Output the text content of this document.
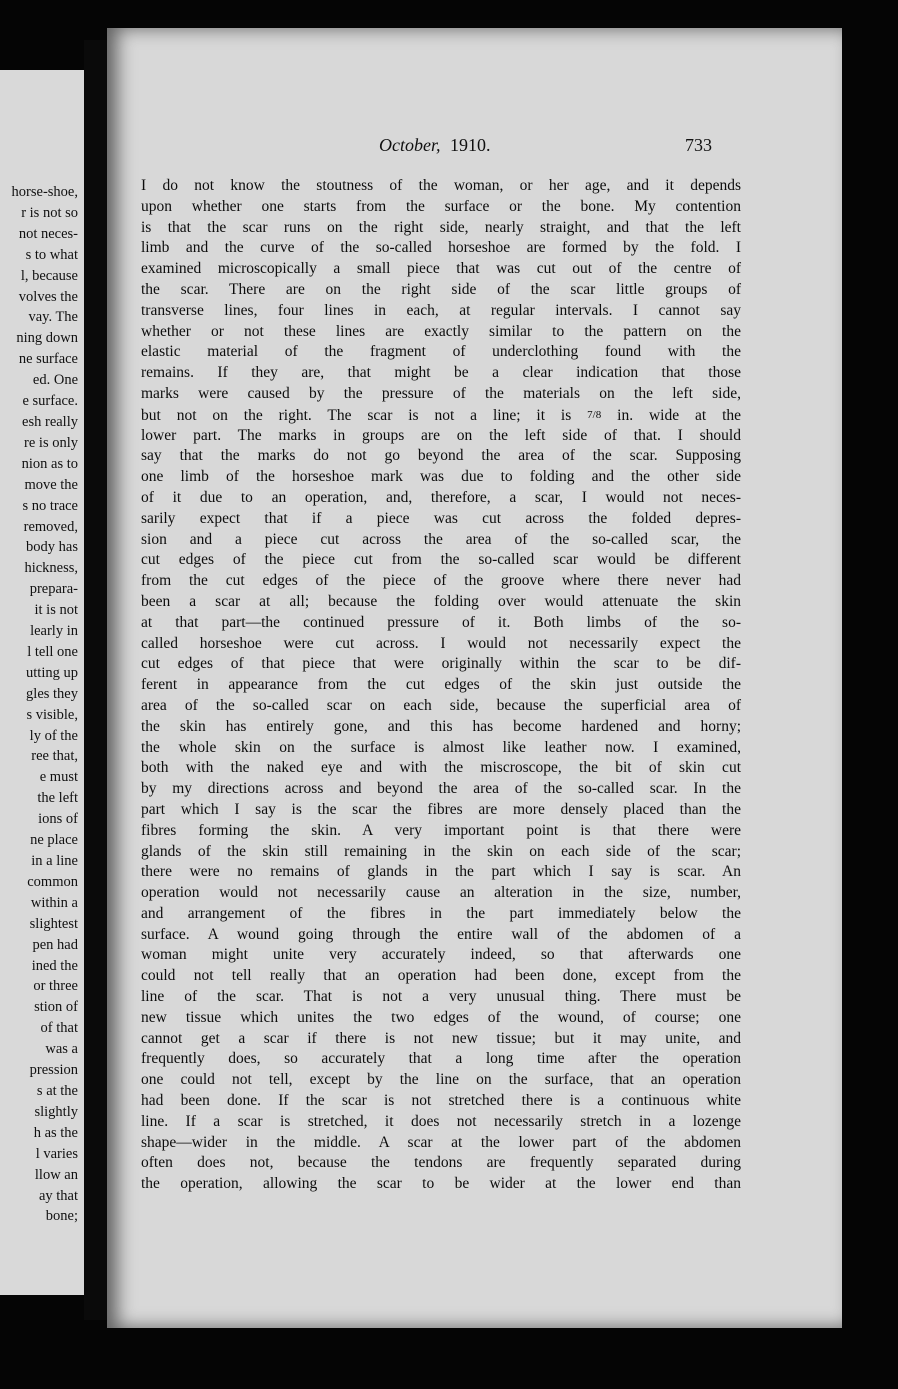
horse-shoe,
r is not so
not neces-
s to what
l, because
volves the
vay. The
ning down
ne surface
ed. One
e surface.
esh really
re is only
nion as to
move the
s no trace
removed,
body has
hickness,
prepara-
it is not
learly in
l tell one
utting up
gles they
s visible,
ly of the
ree that,
e must
the left
ions of
ne place
in a line
common
within a
slightest
pen had
ined the
or three
stion of
of that
was a
pression
s at the
slightly
h as the
l varies
llow an
ay that
bone;
October, 1910.	733
I do not know the stoutness of the woman, or her age, and it depends
upon whether one starts from the surface or the bone. My contention
is that the scar runs on the right side, nearly straight, and that the left
limb and the curve of the so-called horseshoe are formed by the fold. I
examined microscopically a small piece that was cut out of the centre of
the scar. There are on the right side of the scar little groups of
transverse lines, four lines in each, at regular intervals. I cannot say
whether or not these lines are exactly similar to the pattern on the
elastic material of the fragment of underclothing found with the
remains. If they are, that might be a clear indication that those
marks were caused by the pressure of the materials on the left side,
but not on the right. The scar is not a line; it is 7/8 in. wide at the
lower part. The marks in groups are on the left side of that. I should
say that the marks do not go beyond the area of the scar. Supposing
one limb of the horseshoe mark was due to folding and the other side
of it due to an operation, and, therefore, a scar, I would not neces-
sarily expect that if a piece was cut across the folded depres-
sion and a piece cut across the area of the so-called scar, the
cut edges of the piece cut from the so-called scar would be different
from the cut edges of the piece of the groove where there never had
been a scar at all; because the folding over would attenuate the skin
at that part—the continued pressure of it. Both limbs of the so-
called horseshoe were cut across. I would not necessarily expect the
cut edges of that piece that were originally within the scar to be dif-
ferent in appearance from the cut edges of the skin just outside the
area of the so-called scar on each side, because the superficial area of
the skin has entirely gone, and this has become hardened and horny;
the whole skin on the surface is almost like leather now. I examined,
both with the naked eye and with the miscroscope, the bit of skin cut
by my directions across and beyond the area of the so-called scar. In the
part which I say is the scar the fibres are more densely placed than the
fibres forming the skin. A very important point is that there were
glands of the skin still remaining in the skin on each side of the scar;
there were no remains of glands in the part which I say is scar. An
operation would not necessarily cause an alteration in the size, number,
and arrangement of the fibres in the part immediately below the
surface. A wound going through the entire wall of the abdomen of a
woman might unite very accurately indeed, so that afterwards one
could not tell really that an operation had been done, except from the
line of the scar. That is not a very unusual thing. There must be
new tissue which unites the two edges of the wound, of course; one
cannot get a scar if there is not new tissue; but it may unite, and
frequently does, so accurately that a long time after the operation
one could not tell, except by the line on the surface, that an operation
had been done. If the scar is not stretched there is a continuous white
line. If a scar is stretched, it does not necessarily stretch in a lozenge
shape—wider in the middle. A scar at the lower part of the abdomen
often does not, because the tendons are frequently separated during
the operation, allowing the scar to be wider at the lower end than
